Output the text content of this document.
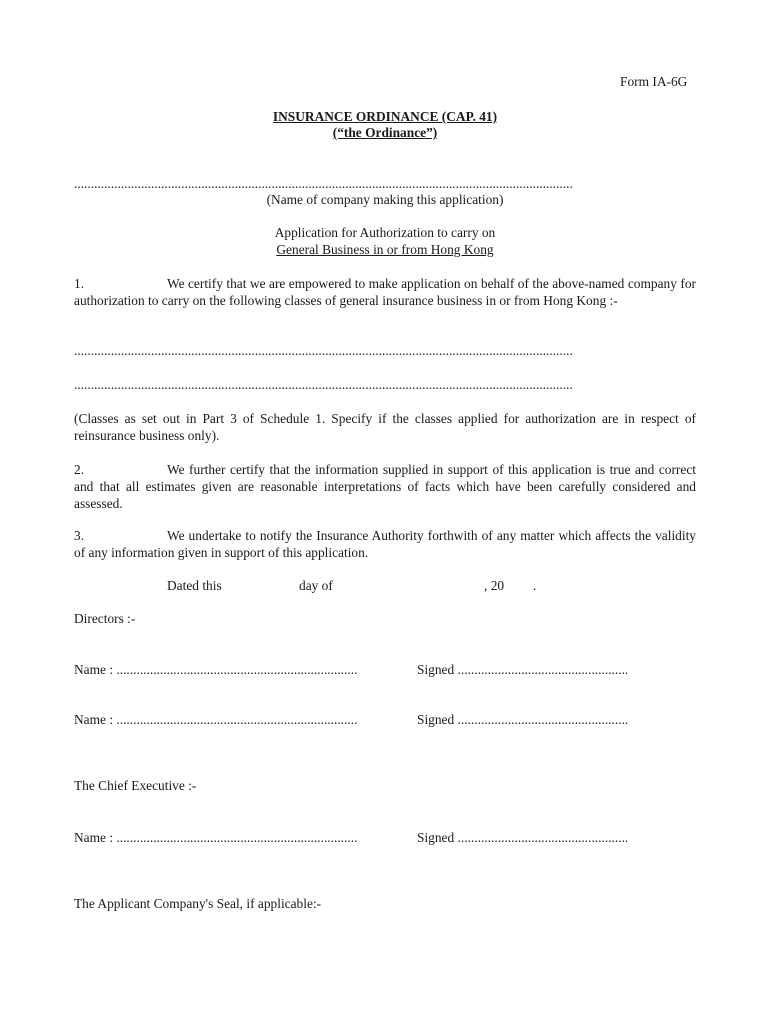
Form IA-6G
INSURANCE ORDINANCE (CAP. 41)
(“the Ordinance”)
.....................................................................................................................................................
(Name of company making this application)
Application for Authorization to carry on
General Business in or from Hong Kong
1.	We certify that we are empowered to make application on behalf of the above-named company for authorization to carry on the following classes of general insurance business in or from Hong Kong :-
.....................................................................................................................................................
.....................................................................................................................................................
(Classes as set out in Part 3 of Schedule 1. Specify if the classes applied for authorization are in respect of reinsurance business only).
2.	We further certify that the information supplied in support of this application is true and correct and that all estimates given are reasonable interpretations of facts which have been carefully considered and assessed.
3.	We undertake to notify the Insurance Authority forthwith of any matter which affects the validity of any information given in support of this application.
Dated this	day of	, 20 .
Directors :-
Name : ........................................................................	Signed ...................................................
Name : ........................................................................	Signed ...................................................
The Chief Executive :-
Name : ........................................................................	Signed ...................................................
The Applicant Company's Seal, if applicable:-
